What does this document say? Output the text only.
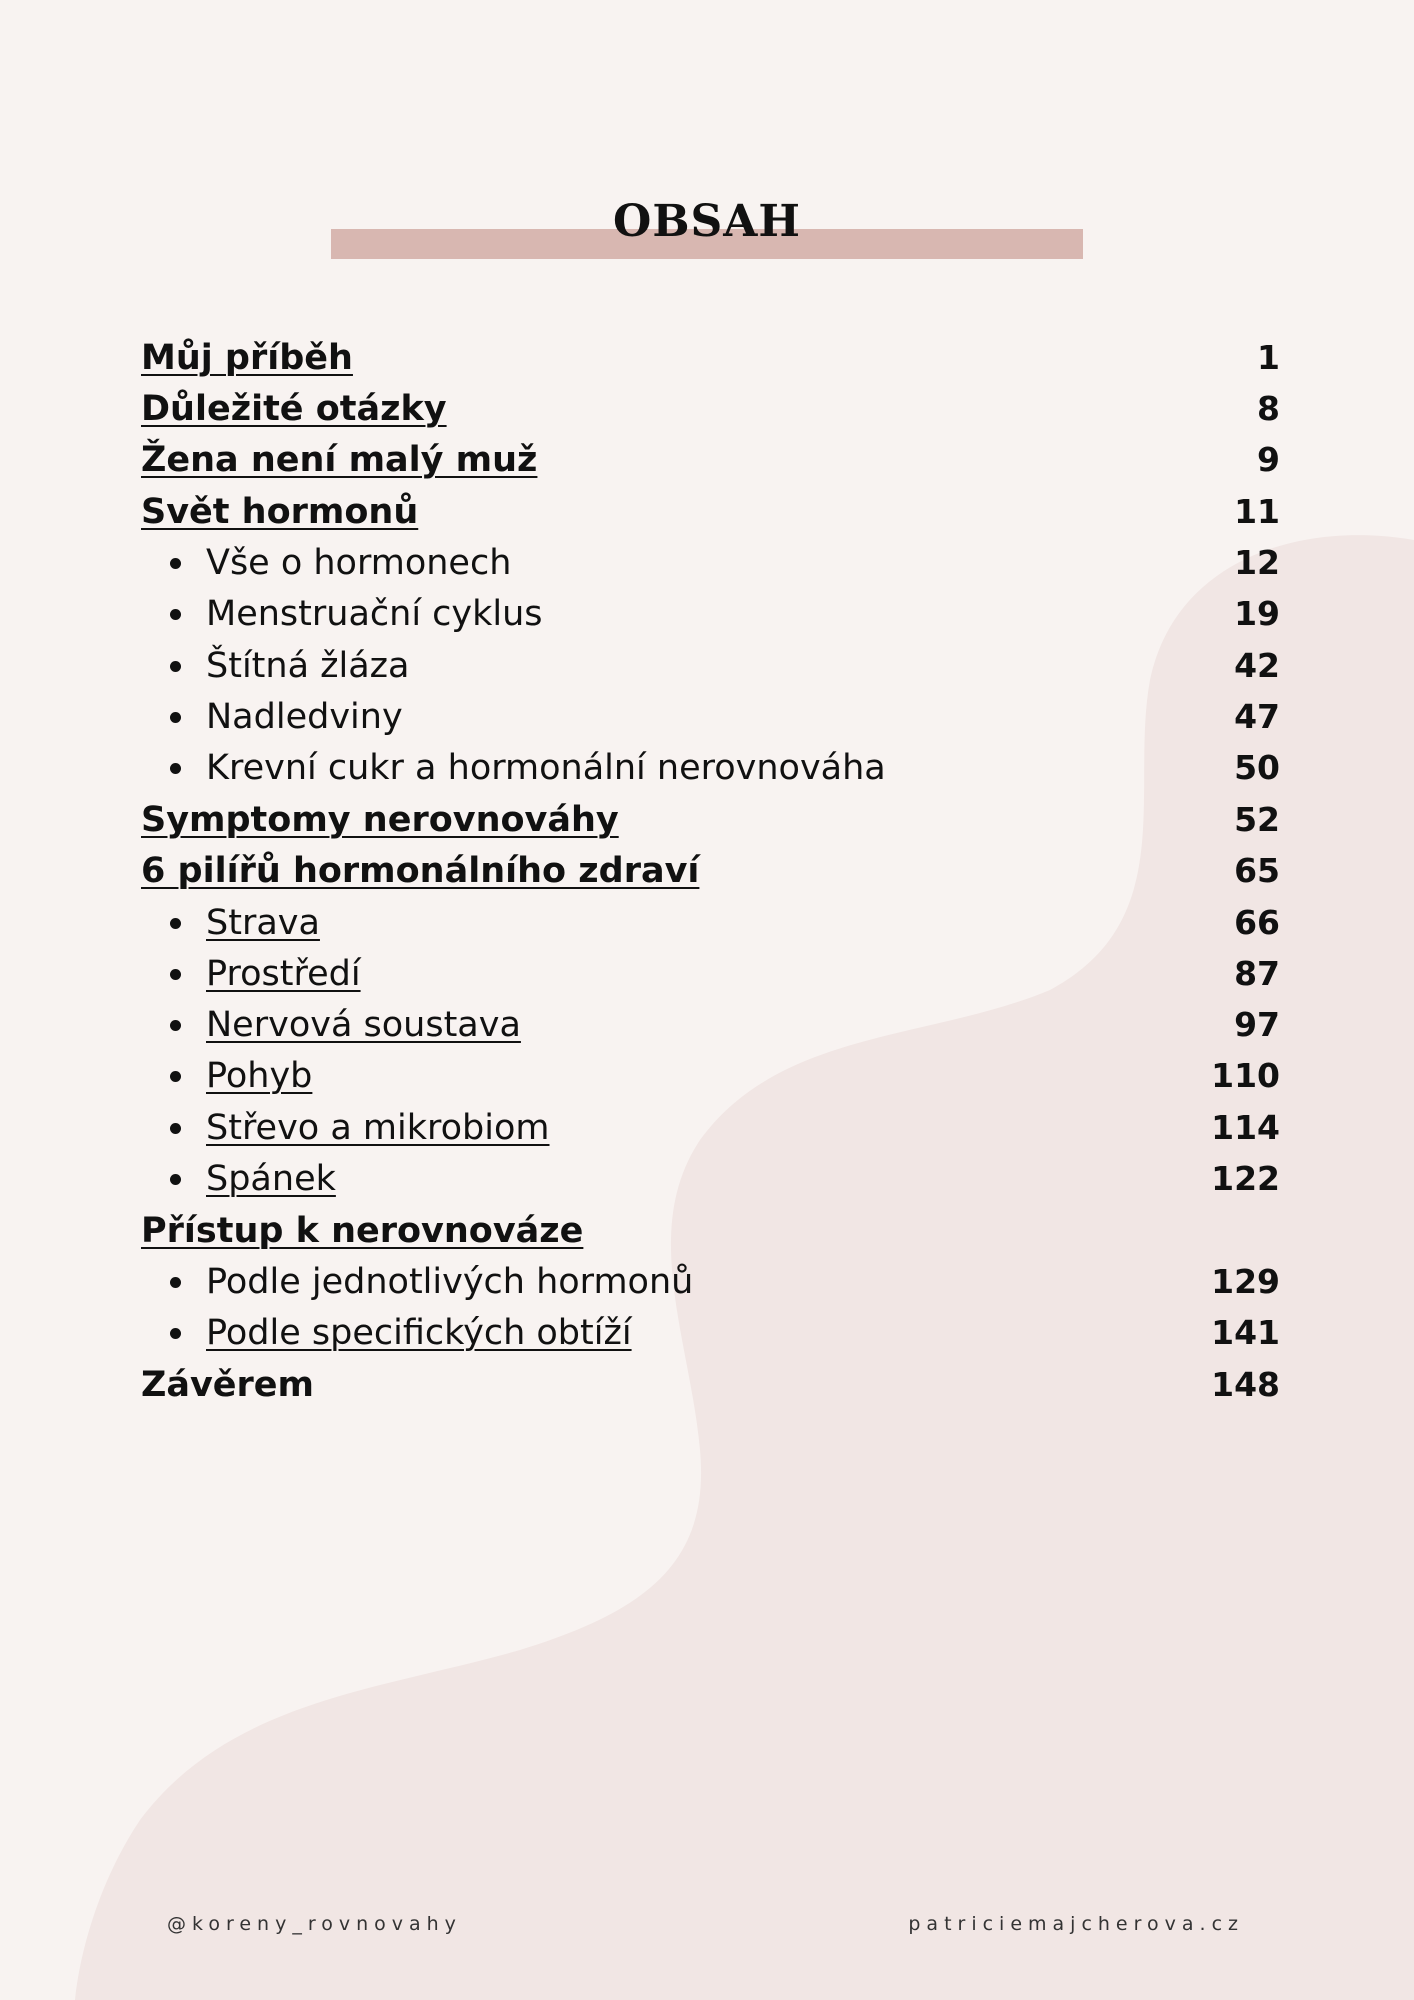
OBSAH
Můj příběh	1
Důležité otázky	8
Žena není malý muž	9
Svět hormonů	11
Vše o hormonech	12
Menstruační cyklus	19
Štítná žláza	42
Nadledviny	47
Krevní cukr a hormonální nerovnováha	50
Symptomy nerovnováhy	52
6 pilířů hormonálního zdraví	65
Strava	66
Prostředí	87
Nervová soustava	97
Pohyb	110
Střevo a mikrobiom	114
Spánek	122
Přístup k nerovnováze
Podle jednotlivých hormonů	129
Podle specifických obtíží	141
Závěrem	148
@koreny_rovnovahy	patriciemajcherova.cz
